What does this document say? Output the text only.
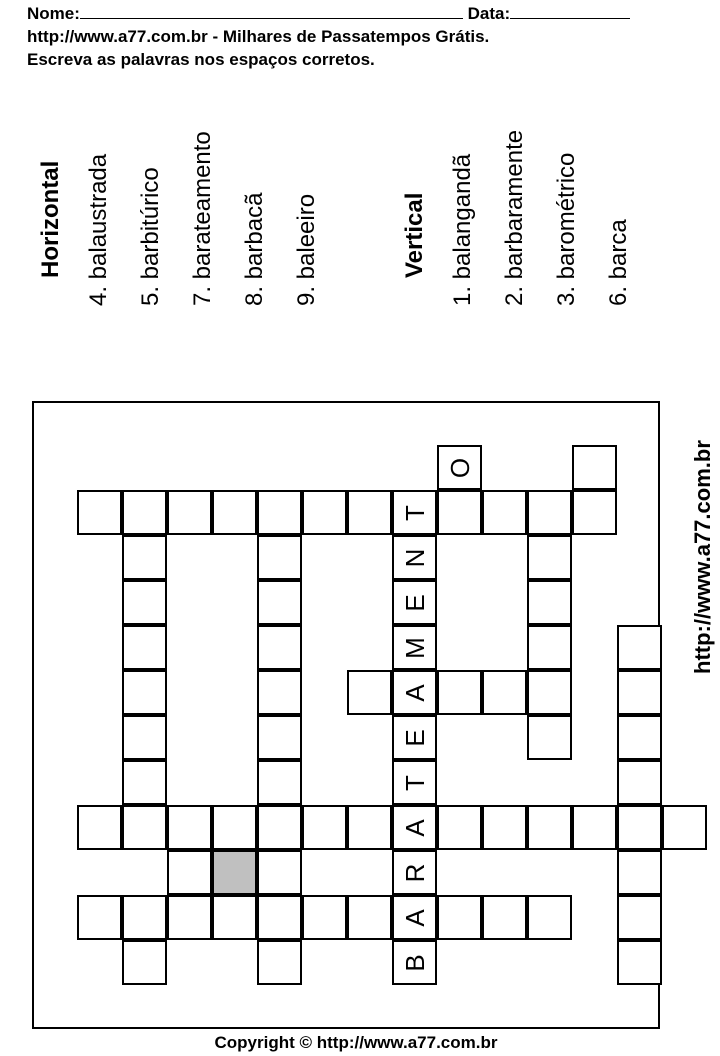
Nome:	Data:
http://www.a77.com.br - Milhares de Passatempos Grátis.
Escreva as palavras nos espaços corretos.
Horizontal 4. balaustrada 5. barbitúrico 7. barateamento 8. barbacã 9. baleeiro	Vertical 1. balangandã 2. barbaramente 3. barométrico 6. barca
O
T
N
E
M
A
E
T
A
R
A
B
http://www.a77.com.br
Copyright © http://www.a77.com.br
